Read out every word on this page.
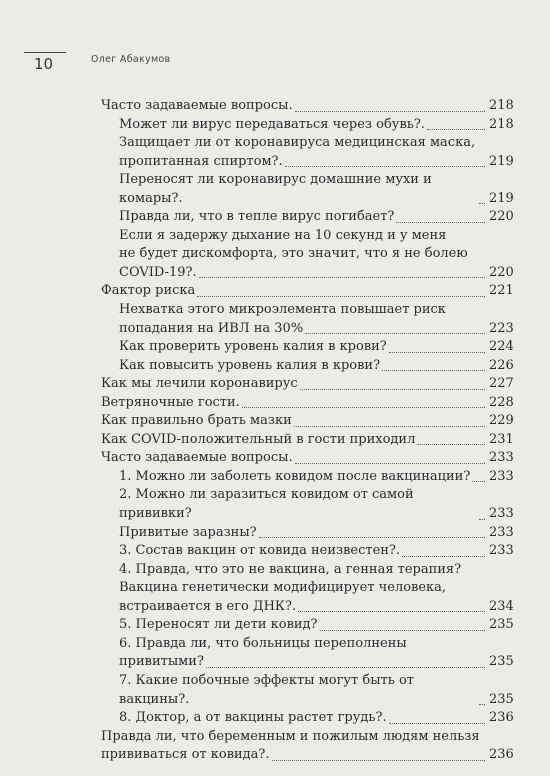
10	Олег Абакумов
Часто задаваемые вопросы.	218
Может ли вирус передаваться через обувь?.	218
Защищает ли от коронавируса медицинская маска,
пропитанная спиртом?.	219
Переносят ли коронавирус домашние мухи и комары?.	219
Правда ли, что в тепле вирус погибает?	220
Если я задержу дыхание на 10 секунд и у меня
не будет дискомфорта, это значит, что я не болею
COVID-19?.	220
Фактор риска	221
Нехватка этого микроэлемента повышает риск
попадания на ИВЛ на 30%	223
Как проверить уровень калия в крови?	224
Как повысить уровень калия в крови?	226
Как мы лечили коронавирус	227
Ветряночные гости.	228
Как правильно брать мазки	229
Как COVID-положительный в гости приходил	231
Часто задаваемые вопросы.	233
1. Можно ли заболеть ковидом после вакцинации? 233
2. Можно ли заразиться ковидом от самой прививки?	233
Привитые заразны?	233
3. Состав вакцин от ковида неизвестен?.	233
4. Правда, что это не вакцина, а генная терапия?
Вакцина генетически модифицирует человека,
встраивается в его ДНК?.	234
5. Переносят ли дети ковид?	235
6. Правда ли, что больницы переполнены
привитыми?	235
7. Какие побочные эффекты могут быть от вакцины?.	235
8. Доктор, а от вакцины растет грудь?.	236
Правда ли, что беременным и пожилым людям нельзя
прививаться от ковида?.	236
